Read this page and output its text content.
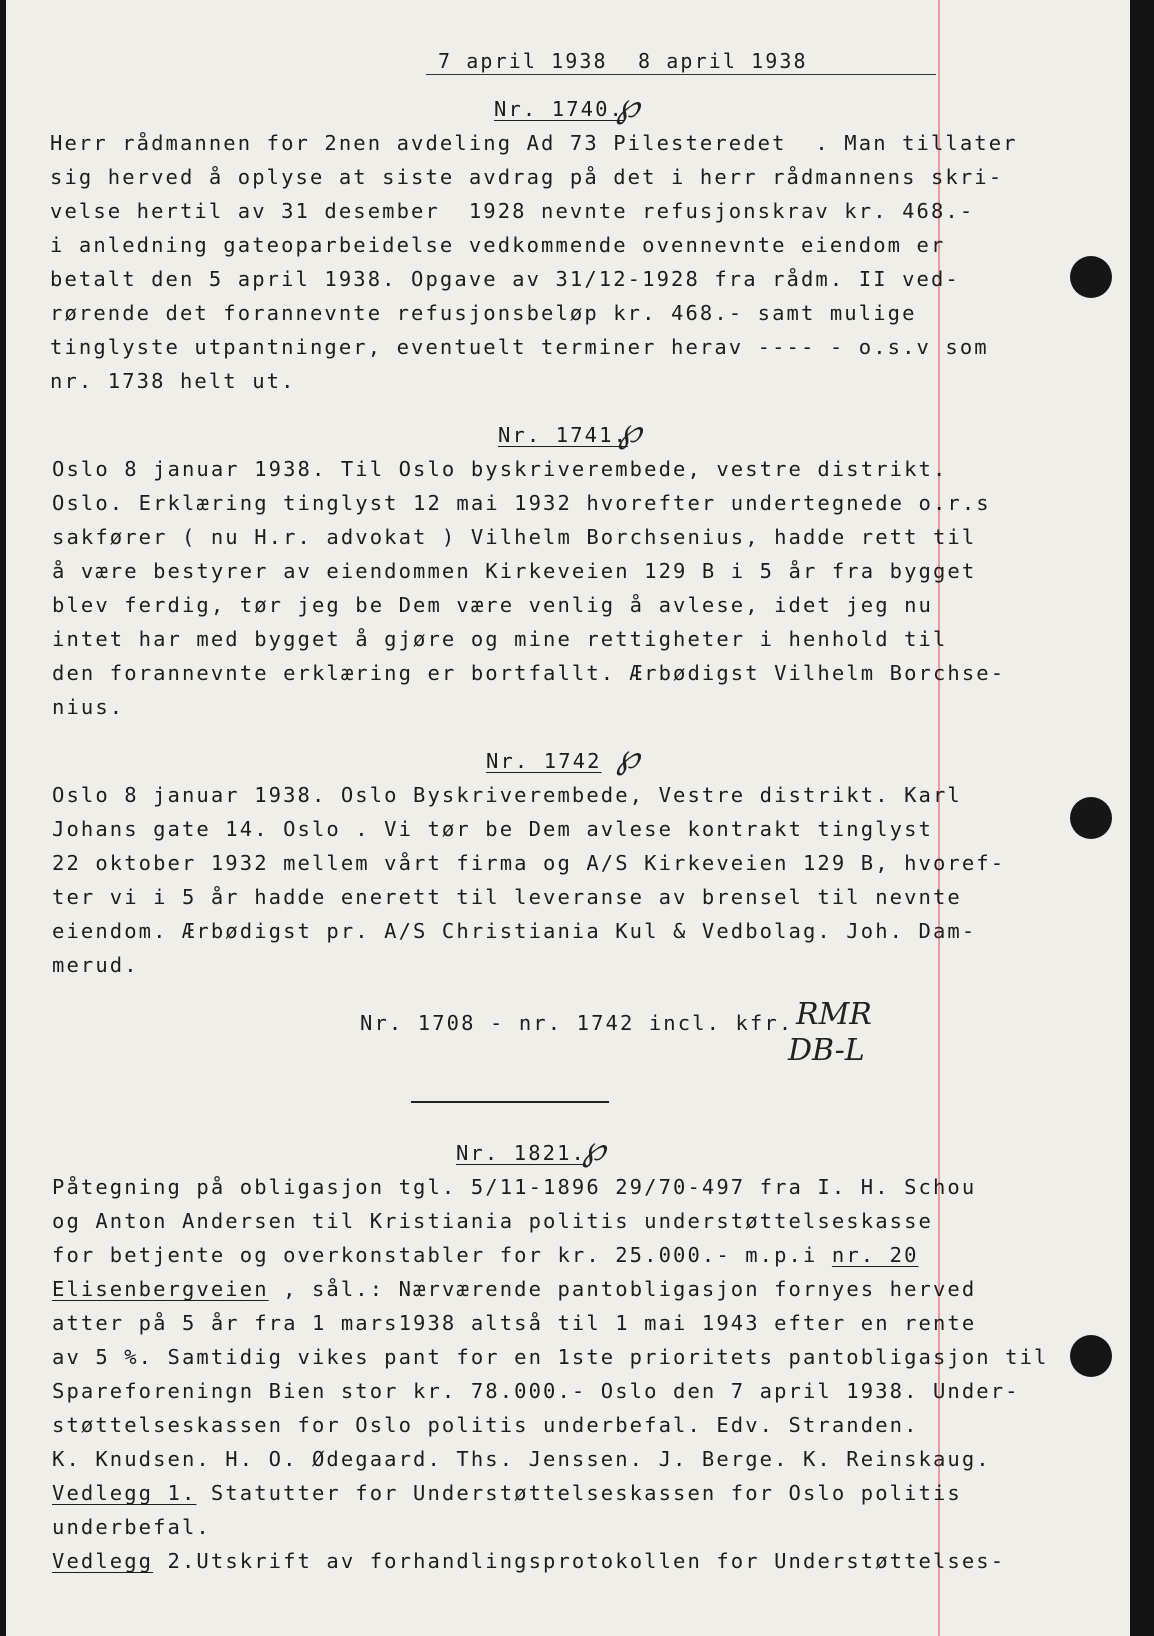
7 april 1938 8 april 1938

Nr. 1740.

℘

Herr rådmannen for 2nen avdeling Ad 73 Pilesteredet  . Man tillater

sig herved å oplyse at siste avdrag på det i herr rådmannens skri-

velse hertil av 31 desember  1928 nevnte refusjonskrav kr. 468.-

i anledning gateoparbeidelse vedkommende ovennevnte eiendom er

betalt den 5 april 1938. Opgave av 31/12-1928 fra rådm. II ved-

rørende det forannevnte refusjonsbeløp kr. 468.- samt mulige

tinglyste utpantninger, eventuelt terminer herav ---- - o.s.v som

nr. 1738 helt ut.

Nr. 1741.

℘

Oslo 8 januar 1938. Til Oslo byskriverembede, vestre distrikt.

Oslo. Erklæring tinglyst 12 mai 1932 hvorefter undertegnede o.r.s

sakfører ( nu H.r. advokat ) Vilhelm Borchsenius, hadde rett til

å være bestyrer av eiendommen Kirkeveien 129 B i 5 år fra bygget

blev ferdig, tør jeg be Dem være venlig å avlese, idet jeg nu

intet har med bygget å gjøre og mine rettigheter i henhold til

den forannevnte erklæring er bortfallt. Ærbødigst Vilhelm Borchse-

nius.

Nr. 1742 ℘

Oslo 8 januar 1938. Oslo Byskriverembede, Vestre distrikt. Karl

Johans gate 14. Oslo . Vi tør be Dem avlese kontrakt tinglyst

22 oktober 1932 mellem vårt firma og A/S Kirkeveien 129 B, hvoref-

ter vi i 5 år hadde enerett til leveranse av brensel til nevnte

eiendom. Ærbødigst pr. A/S Christiania Kul & Vedbolag. Joh. Dam-

merud.

Nr. 1708 - nr. 1742 incl. kfr. RMR
DB-L

Nr. 1821.

℘

Påtegning på obligasjon tgl. 5/11-1896 29/70-497 fra I. H. Schou

og Anton Andersen til Kristiania politis understøttelseskasse

for betjente og overkonstabler for kr. 25.000.- m.p.i nr. 20

Elisenbergveien , sål.: Nærværende pantobligasjon fornyes herved

atter på 5 år fra 1 mars1938 altså til 1 mai 1943 efter en rente

av 5 %. Samtidig vikes pant for en 1ste prioritets pantobligasjon til

Spareforeningn Bien stor kr. 78.000.- Oslo den 7 april 1938. Under-

støttelseskassen for Oslo politis underbefal. Edv. Stranden.

K. Knudsen. H. O. Ødegaard. Ths. Jenssen. J. Berge. K. Reinskaug.

Vedlegg 1. Statutter for Understøttelseskassen for Oslo politis

underbefal.

Vedlegg 2.Utskrift av forhandlingsprotokollen for Understøttelses-
